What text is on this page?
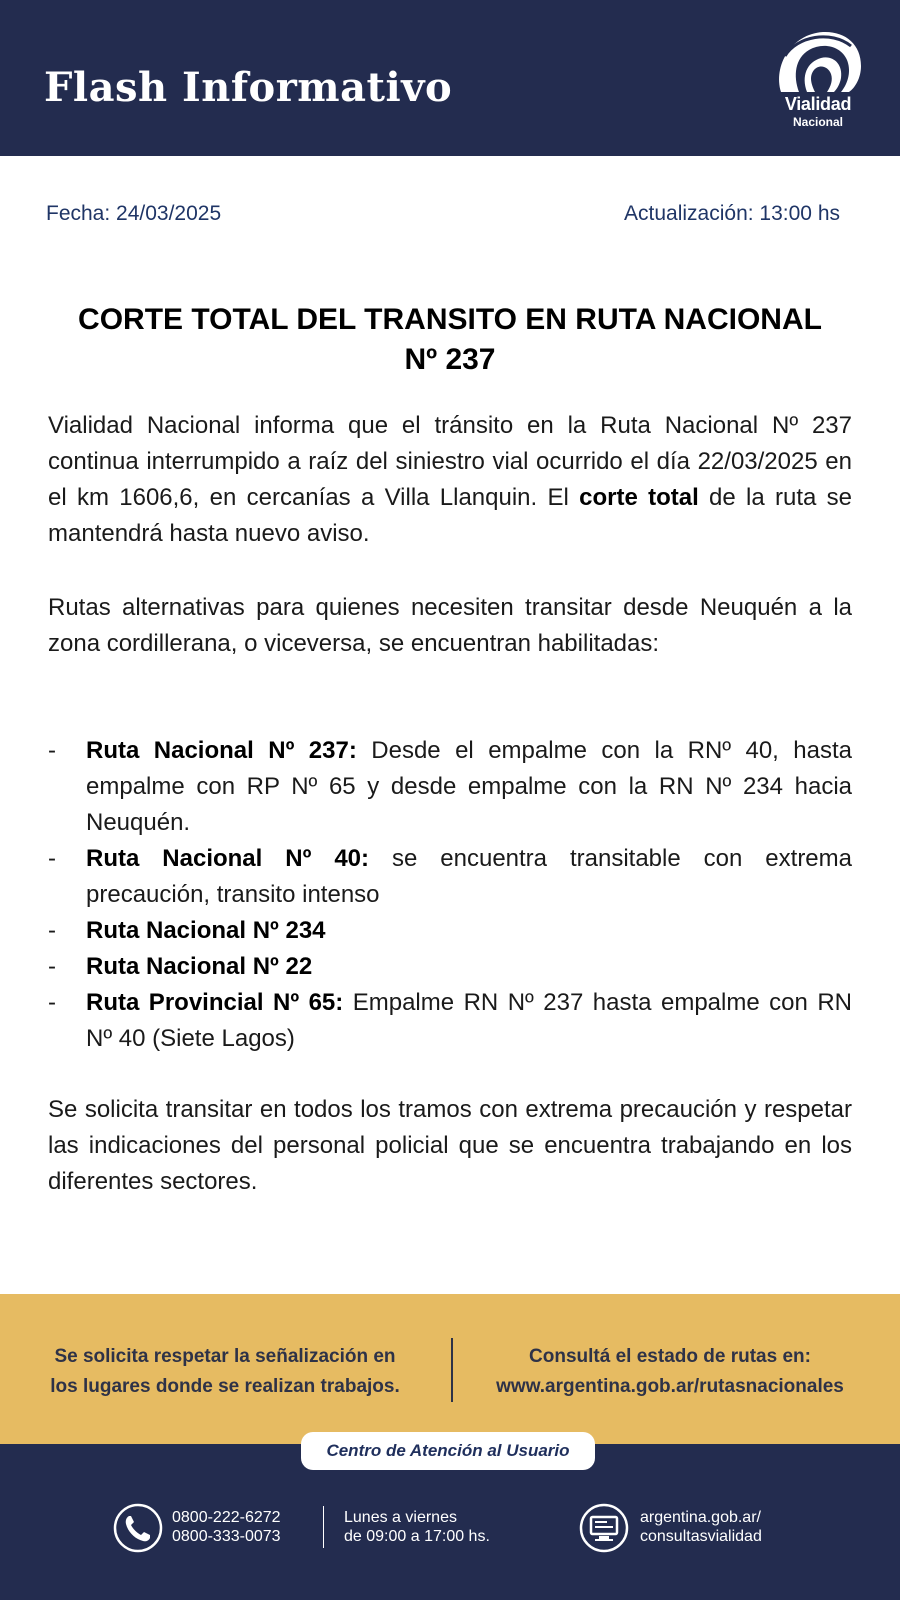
Flash Informativo	Vialidad
Nacional
Fecha: 24/03/2025	Actualización: 13:00 hs
CORTE TOTAL DEL TRANSITO EN RUTA NACIONAL
Nº 237

Vialidad Nacional informa que el tránsito en la Ruta Nacional Nº 237 continua interrumpido a raíz del siniestro vial ocurrido el día 22/03/2025 en el km 1606,6, en cercanías a Villa Llanquin. El corte total de la ruta se mantendrá hasta nuevo aviso.

Rutas alternativas para quienes necesiten transitar desde Neuquén a la zona cordillerana, o viceversa, se encuentran habilitadas:

- Ruta Nacional Nº 237: Desde el empalme con la RNº 40, hasta empalme con RP Nº 65 y desde empalme con la RN Nº 234 hacia Neuquén.
- Ruta Nacional Nº 40: se encuentra transitable con extrema precaución, transito intenso
- Ruta Nacional Nº 234
- Ruta Nacional Nº 22
- Ruta Provincial Nº 65: Empalme RN Nº 237 hasta empalme con RN Nº 40 (Siete Lagos)

Se solicita transitar en todos los tramos con extrema precaución y respetar las indicaciones del personal policial que se encuentra trabajando en los diferentes sectores.

Se solicita respetar la señalización en
los lugares donde se realizan trabajos.
Consultá el estado de rutas en:
www.argentina.gob.ar/rutasnacionales
Centro de Atención al Usuario
0800-222-6272
0800-333-0073
Lunes a viernes
de 09:00 a 17:00 hs.
argentina.gob.ar/
consultasvialidad
